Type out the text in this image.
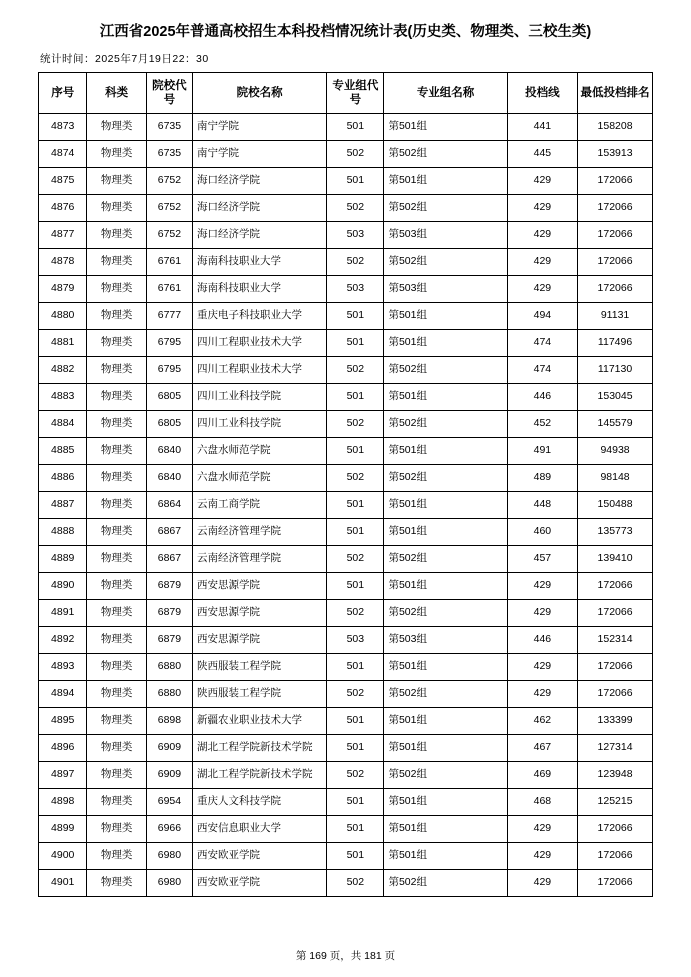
江西省2025年普通高校招生本科投档情况统计表(历史类、物理类、三校生类)
统计时间：2025年7月19日22：30
序号	科类	院校代号	院校名称	专业组代号	专业组名称	投档线	最低投档排名
4873	物理类	6735	南宁学院	501	第501组	441	158208
4874	物理类	6735	南宁学院	502	第502组	445	153913
4875	物理类	6752	海口经济学院	501	第501组	429	172066
4876	物理类	6752	海口经济学院	502	第502组	429	172066
4877	物理类	6752	海口经济学院	503	第503组	429	172066
4878	物理类	6761	海南科技职业大学	502	第502组	429	172066
4879	物理类	6761	海南科技职业大学	503	第503组	429	172066
4880	物理类	6777	重庆电子科技职业大学	501	第501组	494	91131
4881	物理类	6795	四川工程职业技术大学	501	第501组	474	117496
4882	物理类	6795	四川工程职业技术大学	502	第502组	474	117130
4883	物理类	6805	四川工业科技学院	501	第501组	446	153045
4884	物理类	6805	四川工业科技学院	502	第502组	452	145579
4885	物理类	6840	六盘水师范学院	501	第501组	491	94938
4886	物理类	6840	六盘水师范学院	502	第502组	489	98148
4887	物理类	6864	云南工商学院	501	第501组	448	150488
4888	物理类	6867	云南经济管理学院	501	第501组	460	135773
4889	物理类	6867	云南经济管理学院	502	第502组	457	139410
4890	物理类	6879	西安思源学院	501	第501组	429	172066
4891	物理类	6879	西安思源学院	502	第502组	429	172066
4892	物理类	6879	西安思源学院	503	第503组	446	152314
4893	物理类	6880	陕西服装工程学院	501	第501组	429	172066
4894	物理类	6880	陕西服装工程学院	502	第502组	429	172066
4895	物理类	6898	新疆农业职业技术大学	501	第501组	462	133399
4896	物理类	6909	湖北工程学院新技术学院	501	第501组	467	127314
4897	物理类	6909	湖北工程学院新技术学院	502	第502组	469	123948
4898	物理类	6954	重庆人文科技学院	501	第501组	468	125215
4899	物理类	6966	西安信息职业大学	501	第501组	429	172066
4900	物理类	6980	西安欧亚学院	501	第501组	429	172066
4901	物理类	6980	西安欧亚学院	502	第502组	429	172066
第 169 页，共 181 页
